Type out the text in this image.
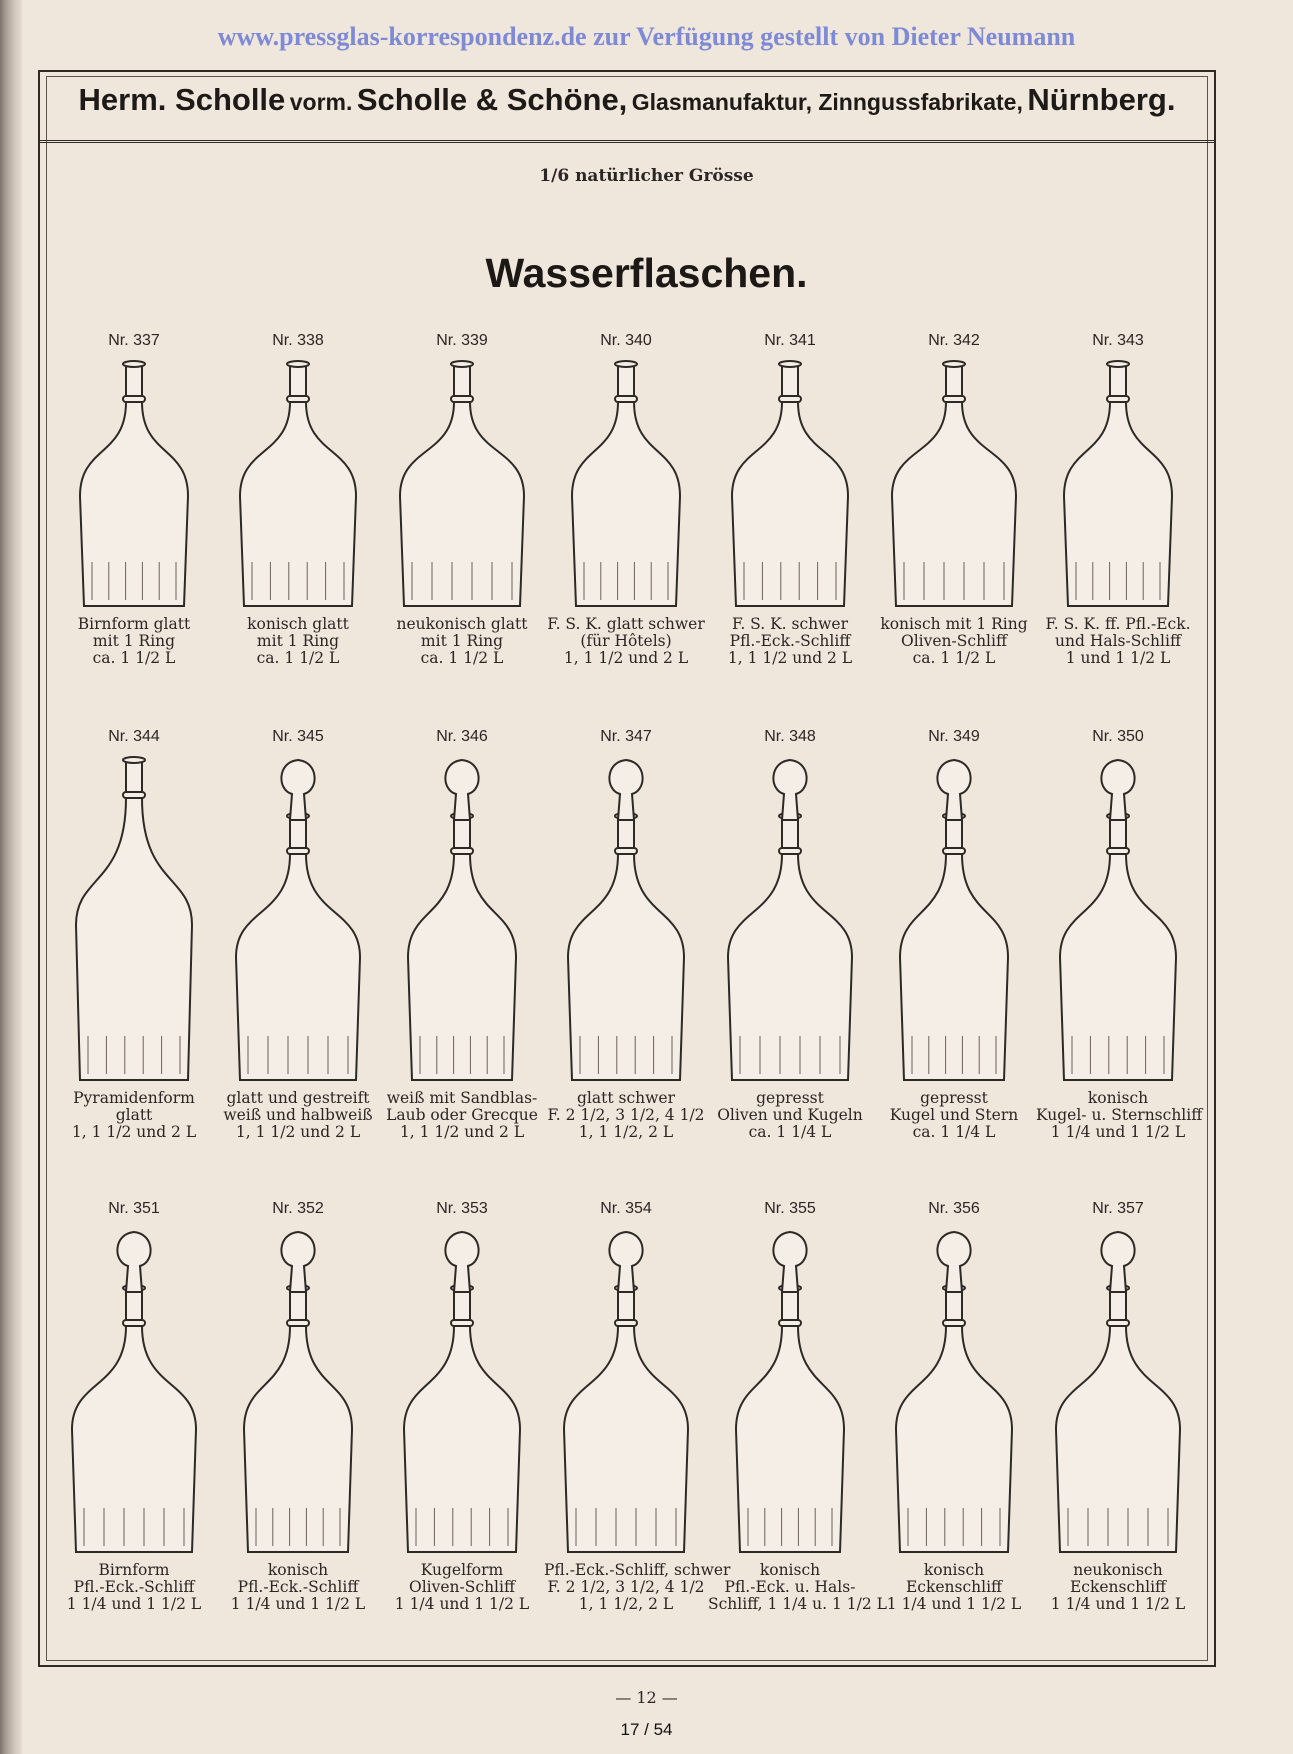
www.pressglas-korrespondenz.de zur Verfügung gestellt von Dieter Neumann
Herm. Scholle vorm. Scholle & Schöne, Glasmanufaktur, Zinngussfabrikate, Nürnberg.
1/6 natürlicher Grösse
Wasserflaschen.
Nr. 337
Birnform glatt
mit 1 Ring
ca. 1 1/2 L
Nr. 338
konisch glatt
mit 1 Ring
ca. 1 1/2 L
Nr. 339
neukonisch glatt
mit 1 Ring
ca. 1 1/2 L
Nr. 340
F. S. K. glatt schwer
(für Hôtels)
1, 1 1/2 und 2 L
Nr. 341
F. S. K. schwer
Pfl.-Eck.-Schliff
1, 1 1/2 und 2 L
Nr. 342
konisch mit 1 Ring
Oliven-Schliff
ca. 1 1/2 L
Nr. 343
F. S. K. ff. Pfl.-Eck.
und Hals-Schliff
1 und 1 1/2 L
Nr. 344
Pyramidenform
glatt
1, 1 1/2 und 2 L
Nr. 345
glatt und gestreift
weiß und halbweiß
1, 1 1/2 und 2 L
Nr. 346
weiß mit Sandblas-
Laub oder Grecque
1, 1 1/2 und 2 L
Nr. 347
glatt schwer
F. 2 1/2, 3 1/2, 4 1/2
1, 1 1/2, 2 L
Nr. 348
gepresst
Oliven und Kugeln
ca. 1 1/4 L
Nr. 349
gepresst
Kugel und Stern
ca. 1 1/4 L
Nr. 350
konisch
Kugel- u. Sternschliff
1 1/4 und 1 1/2 L
Nr. 351
Birnform
Pfl.-Eck.-Schliff
1 1/4 und 1 1/2 L
Nr. 352
konisch
Pfl.-Eck.-Schliff
1 1/4 und 1 1/2 L
Nr. 353
Kugelform
Oliven-Schliff
1 1/4 und 1 1/2 L
Nr. 354
Pfl.-Eck.-Schliff, schwer
F. 2 1/2, 3 1/2, 4 1/2
1, 1 1/2, 2 L
Nr. 355
konisch
Pfl.-Eck. u. Hals-
Schliff, 1 1/4 u. 1 1/2 L
Nr. 356
konisch
Eckenschliff
1 1/4 und 1 1/2 L
Nr. 357
neukonisch
Eckenschliff
1 1/4 und 1 1/2 L
— 12 —
17 / 54
